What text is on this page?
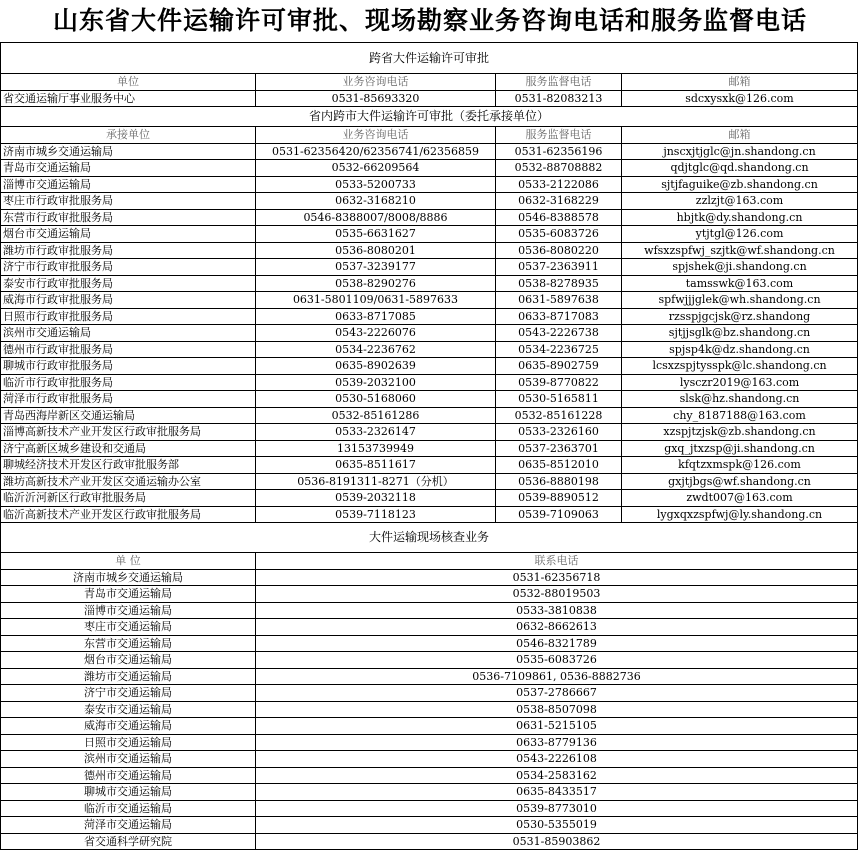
山东省大件运输许可审批、现场勘察业务咨询电话和服务监督电话
跨省大件运输许可审批			
单位	业务咨询电话	服务监督电话	邮箱
省交通运输厅事业服务中心	0531-85693320	0531-82083213	sdcxysxk@126.com
省内跨市大件运输许可审批（委托承接单位）			
承接单位	业务咨询电话	服务监督电话	邮箱
济南市城乡交通运输局	0531-62356420/62356741/62356859	0531-62356196	jnscxjtjglc@jn.shandong.cn
青岛市交通运输局	0532-66209564	0532-88708882	qdjtglc@qd.shandong.cn
淄博市交通运输局	0533-5200733	0533-2122086	sjtjfaguike@zb.shandong.cn
枣庄市行政审批服务局	0632-3168210	0632-3168229	zzlzjt@163.com
东营市行政审批服务局	0546-8388007/8008/8886	0546-8388578	hbjtk@dy.shandong.cn
烟台市交通运输局	0535-6631627	0535-6083726	ytjtgl@126.com
潍坊市行政审批服务局	0536-8080201	0536-8080220	wfsxzspfwj_szjtk@wf.shandong.cn
济宁市行政审批服务局	0537-3239177	0537-2363911	spjshek@ji.shandong.cn
泰安市行政审批服务局	0538-8290276	0538-8278935	tamsswk@163.com
威海市行政审批服务局	0631-5801109/0631-5897633	0631-5897638	spfwjjjglek@wh.shandong.cn
日照市行政审批服务局	0633-8717085	0633-8717083	rzsspjgcjsk@rz.shandong
滨州市交通运输局	0543-2226076	0543-2226738	sjtjjsglk@bz.shandong.cn
德州市行政审批服务局	0534-2236762	0534-2236725	spjsp4k@dz.shandong.cn
聊城市行政审批服务局	0635-8902639	0635-8902759	lcsxzspjtysspk@lc.shandong.cn
临沂市行政审批服务局	0539-2032100	0539-8770822	lysczr2019@163.com
菏泽市行政审批服务局	0530-5168060	0530-5165811	slsk@hz.shandong.cn
青岛西海岸新区交通运输局	0532-85161286	0532-85161228	chy_8187188@163.com
淄博高新技术产业开发区行政审批服务局	0533-2326147	0533-2326160	xzspjtzjsk@zb.shandong.cn
济宁高新区城乡建设和交通局	13153739949	0537-2363701	gxq_jtxzsp@ji.shandong.cn
聊城经济技术开发区行政审批服务部	0635-8511617	0635-8512010	kfqtzxmspk@126.com
潍坊高新技术产业开发区交通运输办公室	0536-8191311-8271（分机）	0536-8880198	gxjtjbgs@wf.shandong.cn
临沂沂河新区行政审批服务局	0539-2032118	0539-8890512	zwdt007@163.com
临沂高新技术产业开发区行政审批服务局	0539-7118123	0539-7109063	lygxqxzspfwj@ly.shandong.cn
大件运输现场核查业务			
单 位	联系电话		
济南市城乡交通运输局	0531-62356718		
青岛市交通运输局	0532-88019503		
淄博市交通运输局	0533-3810838		
枣庄市交通运输局	0632-8662613		
东营市交通运输局	0546-8321789		
烟台市交通运输局	0535-6083726		
潍坊市交通运输局	0536-7109861, 0536-8882736		
济宁市交通运输局	0537-2786667		
泰安市交通运输局	0538-8507098		
威海市交通运输局	0631-5215105		
日照市交通运输局	0633-8779136		
滨州市交通运输局	0543-2226108		
德州市交通运输局	0534-2583162		
聊城市交通运输局	0635-8433517		
临沂市交通运输局	0539-8773010		
菏泽市交通运输局	0530-5355019		
省交通科学研究院	0531-85903862		
